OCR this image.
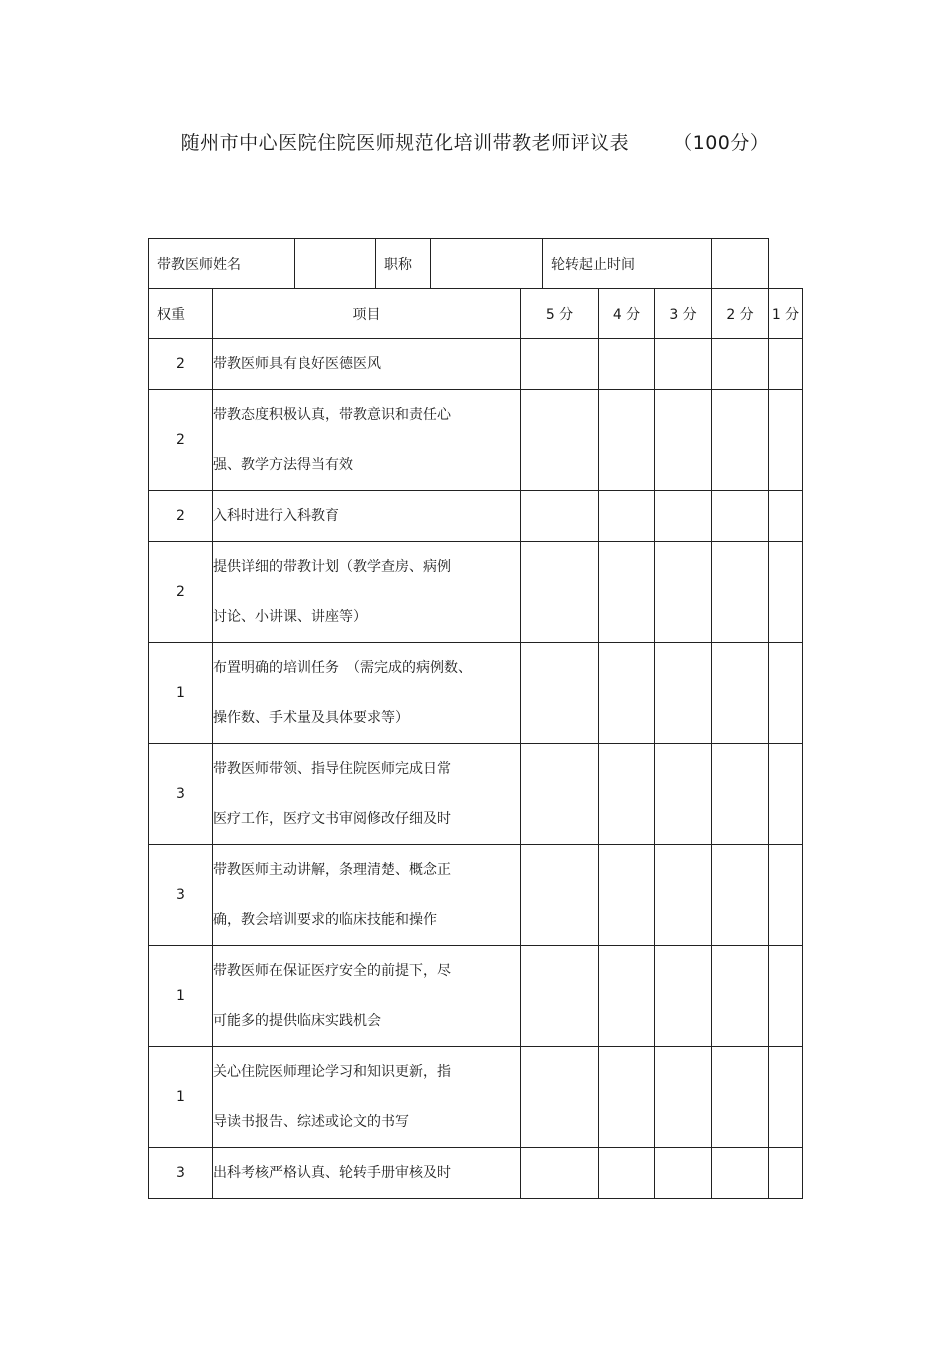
随州市中心医院住院医师规范化培训带教老师评议表 （100分）
带教医师姓名			职称			轮转起止时间				
权重	项目				5 分		4 分	3 分	2 分	1 分
2	带教医师具有良好医德医风									

2	带教态度积极认真，带教意识和责任心
强、教学方法得当有效									

2	入科时进行入科教育									

2	提供详细的带教计划（教学查房、病例
讨论、小讲课、讲座等）									

1	布置明确的培训任务　（需完成的病例数、
操作数、手术量及具体要求等）									

3	带教医师带领、指导住院医师完成日常
医疗工作，医疗文书审阅修改仔细及时									

3	带教医师主动讲解，条理清楚、概念正
确，教会培训要求的临床技能和操作									

1	带教医师在保证医疗安全的前提下，尽
可能多的提供临床实践机会									

1	关心住院医师理论学习和知识更新，指
导读书报告、综述或论文的书写									

3	出科考核严格认真、轮转手册审核及时									
